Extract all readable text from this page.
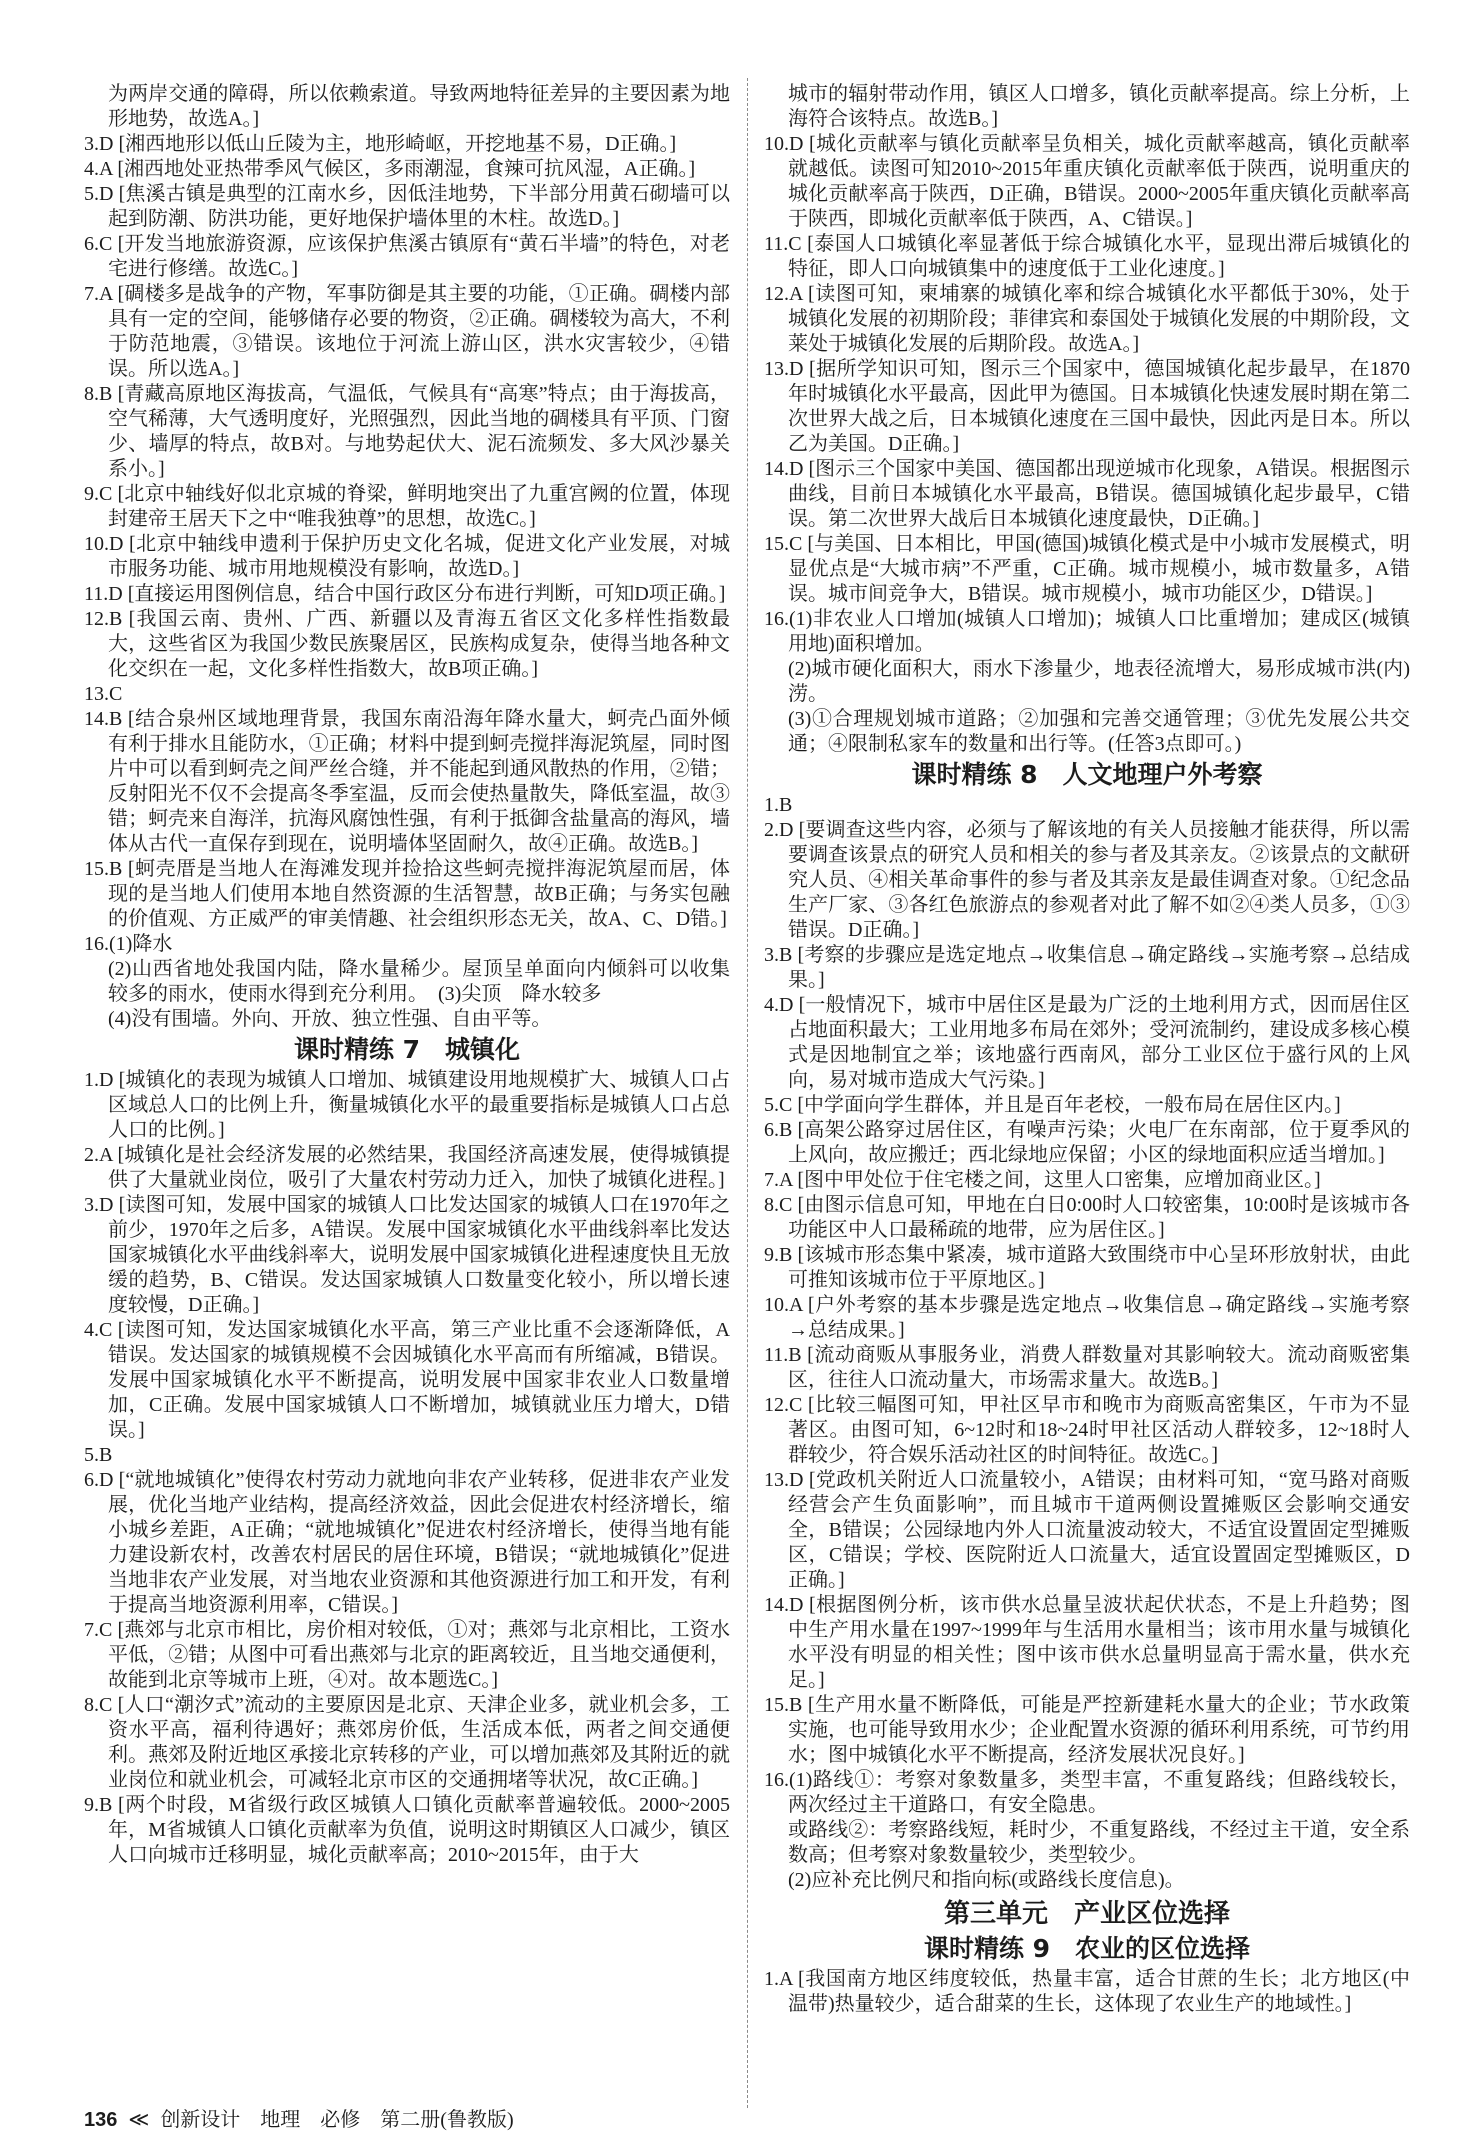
为两岸交通的障碍，所以依赖索道。导致两地特征差异的主要因素为地形地势，故选A。]

3.D [湘西地形以低山丘陵为主，地形崎岖，开挖地基不易，D正确。]

4.A [湘西地处亚热带季风气候区，多雨潮湿，食辣可抗风湿，A正确。]

5.D [焦溪古镇是典型的江南水乡，因低洼地势，下半部分用黄石砌墙可以起到防潮、防洪功能，更好地保护墙体里的木柱。故选D。]

6.C [开发当地旅游资源，应该保护焦溪古镇原有“黄石半墙”的特色，对老宅进行修缮。故选C。]

7.A [碉楼多是战争的产物，军事防御是其主要的功能，①正确。碉楼内部具有一定的空间，能够储存必要的物资，②正确。碉楼较为高大，不利于防范地震，③错误。该地位于河流上游山区，洪水灾害较少，④错误。所以选A。]

8.B [青藏高原地区海拔高，气温低，气候具有“高寒”特点；由于海拔高，空气稀薄，大气透明度好，光照强烈，因此当地的碉楼具有平顶、门窗少、墙厚的特点，故B对。与地势起伏大、泥石流频发、多大风沙暴关系小。]

9.C [北京中轴线好似北京城的脊梁，鲜明地突出了九重宫阙的位置，体现封建帝王居天下之中“唯我独尊”的思想，故选C。]

10.D [北京中轴线申遗利于保护历史文化名城，促进文化产业发展，对城市服务功能、城市用地规模没有影响，故选D。]

11.D [直接运用图例信息，结合中国行政区分布进行判断，可知D项正确。]

12.B [我国云南、贵州、广西、新疆以及青海五省区文化多样性指数最大，这些省区为我国少数民族聚居区，民族构成复杂，使得当地各种文化交织在一起，文化多样性指数大，故B项正确。]

13.C

14.B [结合泉州区域地理背景，我国东南沿海年降水量大，蚵壳凸面外倾有利于排水且能防水，①正确；材料中提到蚵壳搅拌海泥筑屋，同时图片中可以看到蚵壳之间严丝合缝，并不能起到通风散热的作用，②错；反射阳光不仅不会提高冬季室温，反而会使热量散失，降低室温，故③错；蚵壳来自海洋，抗海风腐蚀性强，有利于抵御含盐量高的海风，墙体从古代一直保存到现在，说明墙体坚固耐久，故④正确。故选B。]

15.B [蚵壳厝是当地人在海滩发现并捡拾这些蚵壳搅拌海泥筑屋而居，体现的是当地人们使用本地自然资源的生活智慧，故B正确；与务实包融的价值观、方正威严的审美情趣、社会组织形态无关，故A、C、D错。]

16.(1)降水

(2)山西省地处我国内陆，降水量稀少。屋顶呈单面向内倾斜可以收集较多的雨水，使雨水得到充分利用。　(3)尖顶　降水较多

(4)没有围墙。外向、开放、独立性强、自由平等。

课时精练 7　城镇化

1.D [城镇化的表现为城镇人口增加、城镇建设用地规模扩大、城镇人口占区域总人口的比例上升，衡量城镇化水平的最重要指标是城镇人口占总人口的比例。]

2.A [城镇化是社会经济发展的必然结果，我国经济高速发展，使得城镇提供了大量就业岗位，吸引了大量农村劳动力迁入，加快了城镇化进程。]

3.D [读图可知，发展中国家的城镇人口比发达国家的城镇人口在1970年之前少，1970年之后多，A错误。发展中国家城镇化水平曲线斜率比发达国家城镇化水平曲线斜率大，说明发展中国家城镇化进程速度快且无放缓的趋势，B、C错误。发达国家城镇人口数量变化较小，所以增长速度较慢，D正确。]

4.C [读图可知，发达国家城镇化水平高，第三产业比重不会逐渐降低，A错误。发达国家的城镇规模不会因城镇化水平高而有所缩减，B错误。发展中国家城镇化水平不断提高，说明发展中国家非农业人口数量增加，C正确。发展中国家城镇人口不断增加，城镇就业压力增大，D错误。]

5.B

6.D [“就地城镇化”使得农村劳动力就地向非农产业转移，促进非农产业发展，优化当地产业结构，提高经济效益，因此会促进农村经济增长，缩小城乡差距，A正确；“就地城镇化”促进农村经济增长，使得当地有能力建设新农村，改善农村居民的居住环境，B错误；“就地城镇化”促进当地非农产业发展，对当地农业资源和其他资源进行加工和开发，有利于提高当地资源利用率，C错误。]

7.C [燕郊与北京市相比，房价相对较低，①对；燕郊与北京相比，工资水平低，②错；从图中可看出燕郊与北京的距离较近，且当地交通便利，故能到北京等城市上班，④对。故本题选C。]

8.C [人口“潮汐式”流动的主要原因是北京、天津企业多，就业机会多，工资水平高，福利待遇好；燕郊房价低，生活成本低，两者之间交通便利。燕郊及附近地区承接北京转移的产业，可以增加燕郊及其附近的就业岗位和就业机会，可减轻北京市区的交通拥堵等状况，故C正确。]

9.B [两个时段，M省级行政区城镇人口镇化贡献率普遍较低。2000~2005年，M省城镇人口镇化贡献率为负值，说明这时期镇区人口减少，镇区人口向城市迁移明显，城化贡献率高；2010~2015年，由于大

城市的辐射带动作用，镇区人口增多，镇化贡献率提高。综上分析，上海符合该特点。故选B。]

10.D [城化贡献率与镇化贡献率呈负相关，城化贡献率越高，镇化贡献率就越低。读图可知2010~2015年重庆镇化贡献率低于陕西，说明重庆的城化贡献率高于陕西，D正确，B错误。2000~2005年重庆镇化贡献率高于陕西，即城化贡献率低于陕西，A、C错误。]

11.C [泰国人口城镇化率显著低于综合城镇化水平，显现出滞后城镇化的特征，即人口向城镇集中的速度低于工业化速度。]

12.A [读图可知，柬埔寨的城镇化率和综合城镇化水平都低于30%，处于城镇化发展的初期阶段；菲律宾和泰国处于城镇化发展的中期阶段，文莱处于城镇化发展的后期阶段。故选A。]

13.D [据所学知识可知，图示三个国家中，德国城镇化起步最早，在1870年时城镇化水平最高，因此甲为德国。日本城镇化快速发展时期在第二次世界大战之后，日本城镇化速度在三国中最快，因此丙是日本。所以乙为美国。D正确。]

14.D [图示三个国家中美国、德国都出现逆城市化现象，A错误。根据图示曲线，目前日本城镇化水平最高，B错误。德国城镇化起步最早，C错误。第二次世界大战后日本城镇化速度最快，D正确。]

15.C [与美国、日本相比，甲国(德国)城镇化模式是中小城市发展模式，明显优点是“大城市病”不严重，C正确。城市规模小，城市数量多，A错误。城市间竞争大，B错误。城市规模小，城市功能区少，D错误。]

16.(1)非农业人口增加(城镇人口增加)；城镇人口比重增加；建成区(城镇用地)面积增加。

(2)城市硬化面积大，雨水下渗量少，地表径流增大，易形成城市洪(内)涝。

(3)①合理规划城市道路；②加强和完善交通管理；③优先发展公共交通；④限制私家车的数量和出行等。(任答3点即可。)

课时精练 8　人文地理户外考察

1.B

2.D [要调查这些内容，必须与了解该地的有关人员接触才能获得，所以需要调查该景点的研究人员和相关的参与者及其亲友。②该景点的文献研究人员、④相关革命事件的参与者及其亲友是最佳调查对象。①纪念品生产厂家、③各红色旅游点的参观者对此了解不如②④类人员多，①③错误。D正确。]

3.B [考察的步骤应是选定地点→收集信息→确定路线→实施考察→总结成果。]

4.D [一般情况下，城市中居住区是最为广泛的土地利用方式，因而居住区占地面积最大；工业用地多布局在郊外；受河流制约，建设成多核心模式是因地制宜之举；该地盛行西南风，部分工业区位于盛行风的上风向，易对城市造成大气污染。]

5.C [中学面向学生群体，并且是百年老校，一般布局在居住区内。]

6.B [高架公路穿过居住区，有噪声污染；火电厂在东南部，位于夏季风的上风向，故应搬迁；西北绿地应保留；小区的绿地面积应适当增加。]

7.A [图中甲处位于住宅楼之间，这里人口密集，应增加商业区。]

8.C [由图示信息可知，甲地在白日0:00时人口较密集，10:00时是该城市各功能区中人口最稀疏的地带，应为居住区。]

9.B [该城市形态集中紧凑，城市道路大致围绕市中心呈环形放射状，由此可推知该城市位于平原地区。]

10.A [户外考察的基本步骤是选定地点→收集信息→确定路线→实施考察→总结成果。]

11.B [流动商贩从事服务业，消费人群数量对其影响较大。流动商贩密集区，往往人口流动量大，市场需求量大。故选B。]

12.C [比较三幅图可知，甲社区早市和晚市为商贩高密集区，午市为不显著区。由图可知，6~12时和18~24时甲社区活动人群较多，12~18时人群较少，符合娱乐活动社区的时间特征。故选C。]

13.D [党政机关附近人口流量较小，A错误；由材料可知，“宽马路对商贩经营会产生负面影响”，而且城市干道两侧设置摊贩区会影响交通安全，B错误；公园绿地内外人口流量波动较大，不适宜设置固定型摊贩区，C错误；学校、医院附近人口流量大，适宜设置固定型摊贩区，D正确。]

14.D [根据图例分析，该市供水总量呈波状起伏状态，不是上升趋势；图中生产用水量在1997~1999年与生活用水量相当；该市用水量与城镇化水平没有明显的相关性；图中该市供水总量明显高于需水量，供水充足。]

15.B [生产用水量不断降低，可能是严控新建耗水量大的企业；节水政策实施，也可能导致用水少；企业配置水资源的循环利用系统，可节约用水；图中城镇化水平不断提高，经济发展状况良好。]

16.(1)路线①：考察对象数量多，类型丰富，不重复路线；但路线较长，两次经过主干道路口，有安全隐患。

或路线②：考察路线短，耗时少，不重复路线，不经过主干道，安全系数高；但考察对象数量较少，类型较少。

(2)应补充比例尺和指向标(或路线长度信息)。

第三单元　产业区位选择

课时精练 9　农业的区位选择

1.A [我国南方地区纬度较低，热量丰富，适合甘蔗的生长；北方地区(中温带)热量较少，适合甜菜的生长，这体现了农业生产的地域性。]

136 ≪ 创新设计　地理　必修　第二册(鲁教版)
